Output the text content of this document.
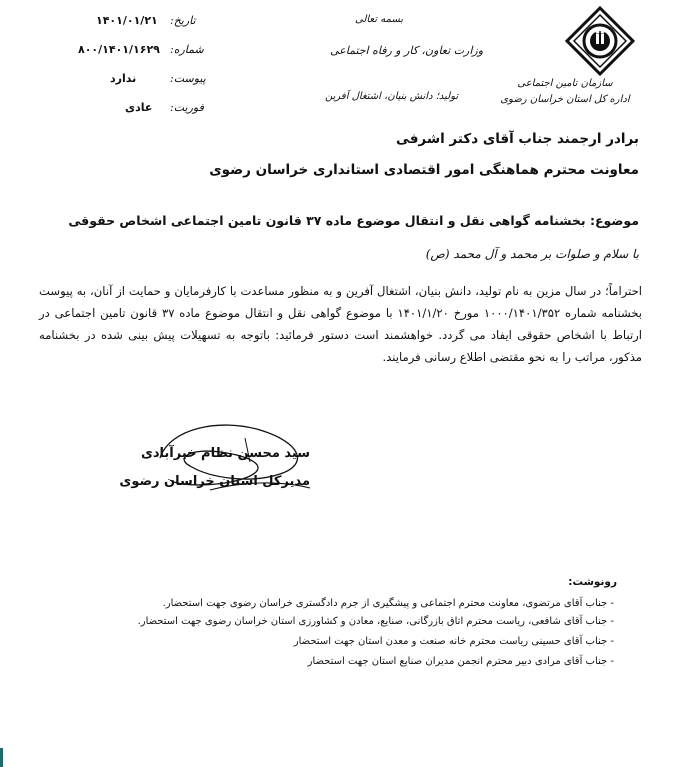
سازمان تامین اجتماعی
اداره کل استان خراسان رضوی
بسمه تعالی
وزارت تعاون، کار و رفاه اجتماعی
تولید؛ دانش بنیان، اشتغال آفرین
تاریخ:
۱۴۰۱/۰۱/۲۱
شماره:
۸۰۰/۱۴۰۱/۱۶۲۹
پیوست:
ندارد
فوریت:
عادی
برادر ارجمند جناب آقای دکتر اشرفی
معاونت محترم هماهنگی امور اقتصادی استانداری خراسان رضوی
موضوع: بخشنامه گواهی نقل و انتقال موضوع ماده ۳۷ قانون تامین اجتماعی اشخاص حقوقی
با سلام و صلوات بر محمد و آل محمد (ص)
احتراماً؛ در سال مزین به نام تولید، دانش بنیان، اشتغال آفرین و به منظور مساعدت با کارفرمایان و حمایت از آنان، به پیوست بخشنامه شماره ۱۰۰۰/۱۴۰۱/۳۵۲ مورخ ۱۴۰۱/۱/۲۰ با موضوع گواهی نقل و انتقال موضوع ماده ۳۷ قانون تامین اجتماعی در ارتباط با اشخاص حقوقی ایفاد می گردد. خواهشمند است دستور فرمائید: باتوجه به تسهیلات پیش بینی شده در بخشنامه مذکور، مراتب را به نحو مقتضی اطلاع رسانی فرمایند.
سید محسن نظام خیرآبادی
مدیرکل استان خراسان رضوی
رونوشت:
- جناب آقای مرتضوی، معاونت محترم اجتماعی و پیشگیری از جرم دادگستری خراسان رضوی جهت استحضار.
- جناب آقای شافعی، ریاست محترم اتاق بازرگانی، صنایع، معادن و کشاورزی استان خراسان رضوی جهت استحضار.
- جناب آقای حسینی ریاست محترم خانه صنعت و معدن استان جهت استحضار
- جناب آقای مرادی دبیر محترم انجمن مدیران صنایع استان جهت استحضار
